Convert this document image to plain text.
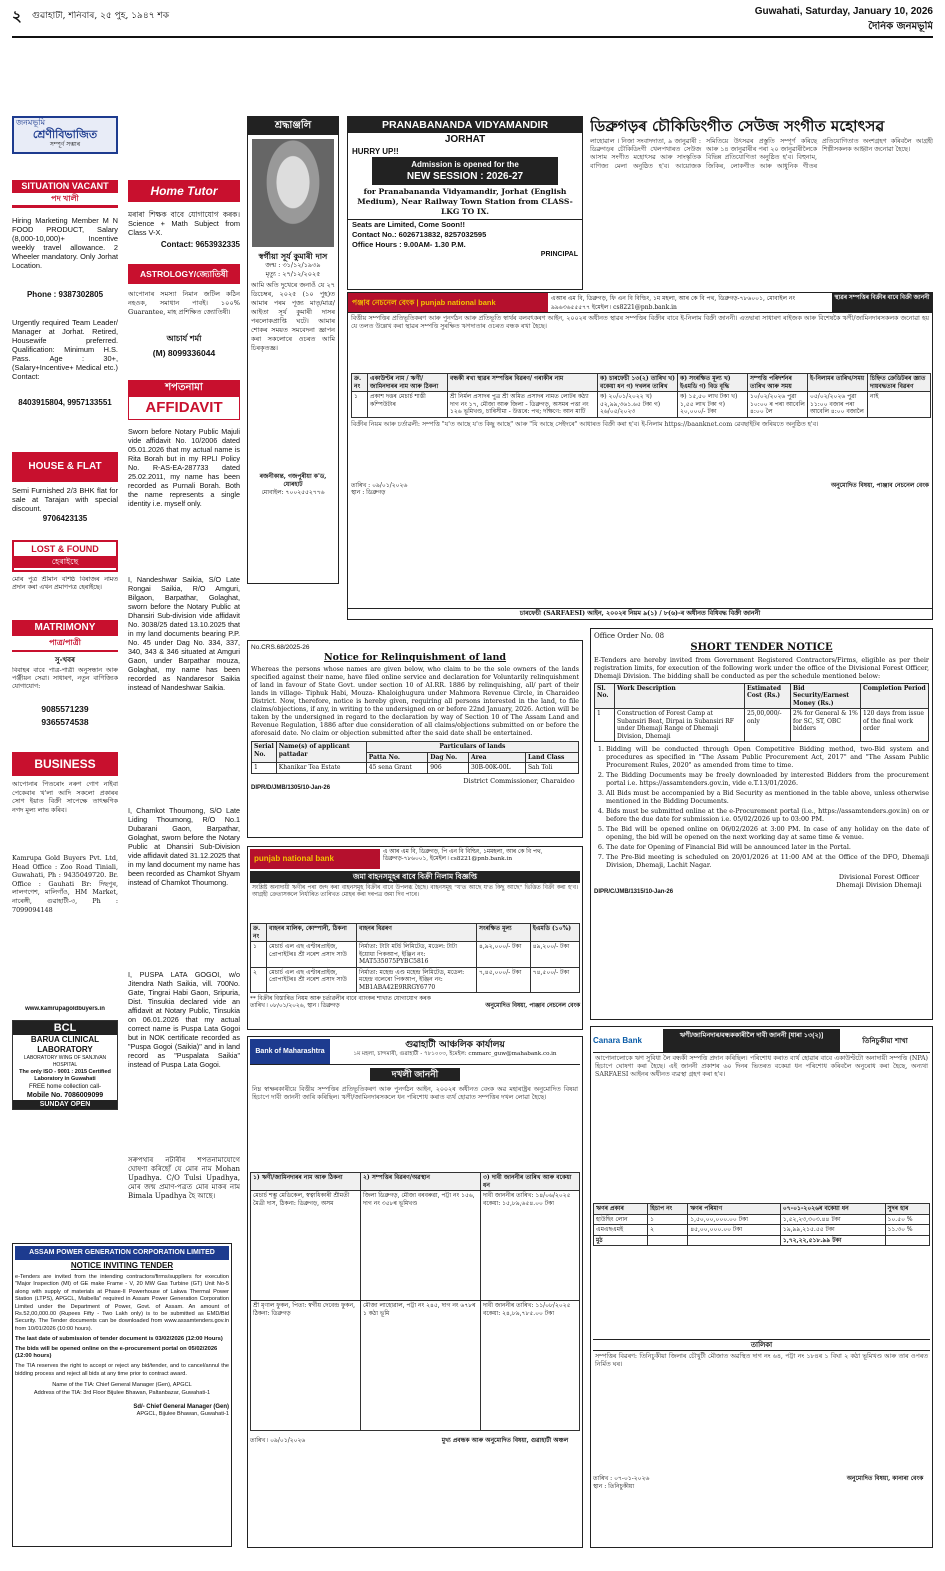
২	গুৱাহাটী, শনিবাৰ, ২৫ পুহ, ১৯৪৭ শক	Guwahati, Saturday, January 10, 2026
দৈনিক জনমভূমি
জনমভূমি
শ্ৰেণীবিভাজিত
সম্পূৰ্ণ সম্ভাৰ
SITUATION VACANT
পদ খালী
Hiring Marketing Member M N FOOD PRODUCT, Salary (8,000-10,000)+ Incentive weekly travel allowance. 2 Wheeler mandatory. Only Jorhat Location.
Phone : 9387302805
Urgently required Team Leader/ Manager at Jorhat. Retired, Housewife preferred. Qualification: Minimum H.S. Pass. Age : 30+, (Salary+Incentive+ Medical etc.) Contact:
8403915804, 9957133551
HOUSE & FLAT
Semi Furnished 2/3 BHK flat for sale at Tarajan with special discount.
9706423135
LOST & FOUND
হেৰাইছে
মোৰ পুত্ৰ শ্ৰীমান বশিষ্ঠ বিৰাজৰ নামত প্ৰদান কৰা এখন প্ৰমাণপত্ৰ হেৰাইছে।
MATRIMONY
পাত্ৰ/পাত্ৰী
সু-খবৰ
বিবাহৰ বাবে পাত্ৰ-পাত্ৰী অনুসন্ধান আৰু পঞ্জীয়ন সেৱা। সাধাৰণ, নতুন বাণিজ্যিক যোগাযোগ:
9085571239
9365574538
BUSINESS
আপোনাৰ পিতৰোং নৰুণ গোণ নাইবা পেকেবাৰ খ'লা আদি সকলো প্ৰকাৰৰ সোণ ইয়াত বিক্ৰী সাপেক্ষে তাৎক্ষণিক নগদ মূল্য লাভ কৰিব।
Kamrupa Gold Buyers Pvt. Ltd, Head Office : Zoo Road Tiniali, Guwahati, Ph : 9435049720. Br. Office : Gauhati Br: দিছপুৰ, লালগণেশ, মালিগাঁও, HM Market, নাৰেঙ্গী, গুৱাহাটী-৩, Ph : 7099094148
www.kamrupagoldbuyers.in
BCL
BARUA CLINICAL LABORATORY
LABORATORY WING OF SANJIVAN HOSPITAL
The only ISO - 9001 : 2015 Certified Laboratory in Guwahati
FREE home collection call-
Mobile No. 7086009099
SUNDAY OPEN
ASSAM POWER GENERATION CORPORATION LIMITED
NOTICE INVITING TENDER
e-Tenders are invited from the intending contractors/firms/suppliers for execution "Major Inspection (MI) of GE make Frame - V, 20 MW Gas Turbine (GT) Unit No-5 along with supply of materials at Phase-II Powerhouse of Lakwa Thermal Power Station (LTPS), APGCL, Maibella" required in Assam Power Generation Corporation Limited under the Department of Power, Govt. of Assam. An amount of Rs.52,00,000.00 (Rupees Fifty - Two Lakh only) is to be submitted as EMD/Bid Security. The Tender documents can be downloaded from www.assamtenders.gov.in from 10/01/2026 (10:00 hours).
The last date of submission of tender document is 03/02/2026 (12:00 Hours)
The bids will be opened online on the e-procurement portal on 05/02/2026 (12:00 hours)
The TIA reserves the right to accept or reject any bid/tender, and to cancel/annul the bidding process and reject all bids at any time prior to contract award.
Name of the TIA: Chief General Manager (Gen), APGCL
Address of the TIA: 3rd Floor Bijulee Bhawan, Paltanbazar, Guwahati-1
Sd/- Chief General Manager (Gen)
APGCL, Bijulee Bhawan, Guwahati-1
Home Tutor
মৰাৰা শিক্ষক বাবে যোগাযোগ কৰক। Science + Math Subject from Class V-X.
Contact: 9653932335
ASTROLOGY/জ্যোতিষী
আপোনাৰ সমস্যা নিমান জটিল কঠিন নহওক, সমাধান পাবই। ১০০% Guarantee, মাহ প্ৰশিক্ষিত জ্যোতিষী।
আচাৰ্য শৰ্মা
(M) 8099336044
শপতনামা
AFFIDAVIT
Sworn before Notary Public Majuli vide affidavit No. 10/2006 dated 05.01.2026 that my actual name is Rita Borah but in my RPLI Policy No. R-AS-EA-287733 dated 25.02.2011, my name has been recorded as Purnali Borah. Both the name represents a single identity i.e. myself only.
I, Nandeshwar Saikia, S/O Late Rongai Saikia, R/O Amguri, Bilgaon, Barpathar, Golaghat, sworn before the Notary Public at Dhansiri Sub-division vide affidavit No. 3038/25 dated 13.10.2025 that in my land documents bearing P.P. No. 45 under Dag No. 334, 337, 340, 343 & 346 situated at Amguri Gaon, under Barpathar mouza, Golaghat, my name has been recorded as Nandaresor Saikia instead of Nandeshwar Saikia.
I, Chamkot Thoumong, S/O Late Liding Thoumong, R/O No.1 Dubarani Gaon, Barpathar, Golaghat, sworn before the Notary Public at Dhansiri Sub-Division vide affidavit dated 31.12.2025 that in my land document my name has been recorded as Chamkot Shyam instead of Chamkot Thoumong.
I, PUSPA LATA GOGOI, w/o Jitendra Nath Saikia, vill. 700No. Gate, Tingrai Habi Gaon, Sripuria, Dist. Tinsukia declared vide an affidavit at Notary Public, Tinsukia on 06.01.2026 that my actual correct name is Puspa Lata Gogoi but in NOK certificate recorded as "Puspa Gogoi (Saikia)" and in land record as "Puspalata Saikia" instead of Puspa Lata Gogoi.
সৰুপথাৰ নটাৰীৰ শপতনামাযোগে ঘোষণা কৰিছোঁ যে মোৰ নাম Mohan Upadhya. C/O Tulsi Upadhya, মোৰ জন্ম প্ৰমাণ-পত্ৰত মোৰ মাকৰ নাম Bimala Upadhya হৈ আছে।
শ্ৰদ্ধাঞ্জলি
স্বৰ্গীয়া সূৰ্য কুমাৰী দাস
জন্ম : ৩১/১২/১৯৩৯
মৃত্যু : ২৭/১২/২০২৫
আমি অতি দুখেৰে জনাওঁ যে ২৭ ডিচেম্বৰ, ২০২৫ (১০ পুহ)ত আমাৰ পৰম পূজ্য মাতৃ/মাত্ৰ/আইতা সূৰ্য কুমাৰী দাসৰ পৰলোকপ্ৰাপ্তি ঘটে। আমাৰ শোকৰ সময়ত সমবেদনা জ্ঞাপন কৰা সকলোৰে ওচৰত আমি চিৰকৃতজ্ঞ।
ৰজনীকান্ত, গজপুৰীয়া ক'ড, যোৰহাট
মোবাইল: ৭০০২৫৫২৭৭৬
PRANABANANDA VIDYAMANDIR
JORHAT
HURRY UP!!
Admission is opened for the
NEW SESSION : 2026-27
for Pranabananda Vidyamandir, Jorhat (English Medium), Near Railway Town Station from CLASS-LKG TO IX.
Seats are Limited, Come Soon!!
Contact No.: 6026713832, 8257032595
Office Hours : 9.00AM- 1.30 P.M.
PRINCIPAL
ডিব্ৰুগড়ৰ চৌকিডিংগীত সেউজ সংগীত মহোৎসৱ
লাহোৱাল । নিজা সংবাদদাতা, ৯ জানুৱাৰী : ডিব্ৰুগড়ৰ চৌকিডিংগী খেলপথাৰত সেউজ আসাম সংগীত মহোৎসৱ আৰু সাংস্কৃতিক বাণিজ্য মেলা অনুষ্ঠিত হ'ব। আয়োজক সমিতিয়ে উৎসৱৰ প্ৰস্তুতি সম্পূৰ্ণ কৰিছে আৰু ১৪ জানুৱাৰীৰ পৰা ২০ জানুৱাৰীলৈকে বিভিন্ন প্ৰতিযোগিতা অনুষ্ঠিত হ'ব। বিহুনাম, জিকিৰ, লোকগীত আৰু আধুনিক গীতৰ প্ৰতিযোগিতাত অংশগ্ৰহণ কৰিবলৈ আগ্ৰহী শিল্পীসকলক আহ্বান জনোৱা হৈছে।
পঞ্জাব নেচনেল বেংক | punjab national bank	এআৰ এম বি, ডিব্ৰুগড়, ফি এন বি বিল্ডিং, ১ম মহলা, আৰ কে বি পথ, ডিব্ৰুগড়-৭৮৬০০১, মোবাইল নং ৯৯৬৩৬৫৫৫৭৭ ইমেইল ৷ cs8221@pnb.bank.in
স্থাৱৰ সম্পত্তিৰ বিক্ৰীৰ বাবে বিক্ৰী জাননী
বিত্তীয় সম্পত্তিৰ প্ৰতিভূতিকৰণ আৰু পুনৰ্গঠন আৰু প্ৰতিভূতি স্বাৰ্থৰ বলবৎকৰণ আইন, ২০০২ৰ অধীনত স্থাৱৰ সম্পত্তিৰ বিক্ৰীৰ বাবে ই-নিলাম বিক্ৰী জাননী। এতদ্বাৰা সাধাৰণ ৰাইজক আৰু বিশেষকৈ ঋণী/জামিনদাৰসকলক জনোৱা হয় যে তলত উল্লেখ কৰা স্থাৱৰ সম্পত্তি সুৰক্ষিত ঋণদাতাৰ ওচৰত বন্ধক ৰখা হৈছে।
ক্ৰ. নং	একাউণ্টৰ নাম / ঋণী/জামিনদাৰৰ নাম আৰু ঠিকনা	বন্ধকী ৰখা স্থাৱৰ সম্পত্তিৰ বিৱৰণ/ গৰাকীৰ নাম	ক) চাৰফেচী ১৩(২) তাৰিখ খ) বকেয়া ধন গ) দখলৰ তাৰিখ	ক) সংৰক্ষিত মূল্য খ) ইএমডি গ) বিড বৃদ্ধি	সম্পত্তি পৰিদৰ্শনৰ তাৰিখ আৰু সময়	ই-নিলামৰ তাৰিখ/সময়	চিহ্নিত ক্ৰেডিটৰৰ জ্ঞাত দায়বদ্ধতাৰ বিৱৰণ
১	প্ৰকাশ দত্তৰ মেচাৰ্চ শাস্তী কম্পিউটাৰ	শ্ৰী নিৰ্মল প্ৰসাদৰ পুত্ৰ শ্ৰী অমিত প্ৰসাদৰ নামত লোটৰ কঠ্যা দাগ নং ১৭, মৌজা আৰু জিলা - ডিব্ৰুগড়, অসমৰ পত্তা নং ১২৬ ভূমিখণ্ড, চাৰিসীমা - উত্তৰে: পথ; দক্ষিণে: আন মাটি	ক) ২০/০১/২০২২ খ) ৫২,৯৯,৩৬১.৬৫ টকা গ) ২৬/০৫/২০২৩	ক) ১৫,৫০ লাখ টকা খ) ১,৫৫ লাখ টকা গ) ২০,০০০/- টকা	১০/০২/২০২৬ পুৱা ১০:০০ ৰ পৰা আবেলি ৪:০০ লৈ	০৫/০২/২০২৬ পুৱা ১১:০০ বজাৰ পৰা আবেলি ৪:০০ বজালৈ	নাই
বিক্ৰীৰ নিয়ম আৰু চৰ্তাৱলী: সম্পত্তি "য'ত আছে য'ত কিছু আছে" আৰু "যি আছে সেইদৰে" আধাৰত বিক্ৰী কৰা হ'ব। ই-নিলাম https://baanknet.com ৱেবছাইটৰ জৰিয়তে অনুষ্ঠিত হ'ব।
তাৰিখ : ০৯/০১/২০২৬
স্থান : ডিব্ৰুগড়
অনুমোদিত বিষয়া, পাঞ্জাব নেচনেল বেংক
চাৰফেচী (SARFAESI) আইন, ২০০২ৰ নিয়ম ৯(১) / ৮(৬)-ৰ অধীনত বিধিবদ্ধ বিক্ৰী জাননী
No.CRS.68/2025-26
Notice for Relinquishment of land
Whereas the persons whose names are given below, who claim to be the sole owners of the lands specified against their name, have filed online service and declaration for Voluntarily relinquishment of land in favour of State Govt. under section 10 of AI.RR. 1886 by relinquishing, all/ part of their lands in village- Tiphuk Habi, Mouza- Khaloighugura under Mahmora Revenue Circle, in Charaideo District. Now, therefore, notice is hereby given, requiring all persons interested in the land, to file claims/objections, if any, in writing to the undersigned on or before 22nd January, 2026. Action will be taken by the undersigned in regard to the declaration by way of Section 10 of The Assam Land and Revenue Regulation, 1886 after due consideration of all claims/objections submitted on or before the aforesaid date. No claim or objection submitted after the said date shall be entertained.
Serial No.	Name(s) of applicant pattadar	Particulars of lands			
		Patta No.	Dag No.	Area	Land Class
1	Khanikar Tea Estate	45 sena Grant	906	30B-00K-00L	Sah Toli
District Commissioner, Charaideo
DIPR/D/JMB/1305/10-Jan-26
punjab national bank
এ আৰ এম বি, ডিব্ৰুগড়, পি এন বি বিল্ডিং, ১মমহলা, আৰ কে বি পথ, ডিব্ৰুগড়-৭৮৬০০১, ইমেইল ৷ cs8221@pnb.bank.in
জমা বাহনসমূহৰ বাবে বিক্ৰী নিলাম বিজ্ঞপ্তি
সংশ্লিষ্ট অনাদায়ী ঋণীৰ পৰা জব্দ কৰা বাহনসমূহ বিক্ৰীৰ বাবে উপলব্ধ হৈছে। বাহনসমূহ "য'ত আছে য'ত কিছু আছে" ভিত্তিত বিক্ৰী কৰা হ'ব। আগ্ৰহী ক্ৰেতাসকলে নিৰ্ধাৰিত তাৰিখত মোহৰ কৰা দৰপত্ৰ জমা দিব পাৰে।
ক্ৰ. নং	বাহনৰ মালিক, কোম্পানী, ঠিকনা	বাহনৰ বিৱৰণ	সংৰক্ষিত মূল্য	ইএমডি (১০%)
১	মেচাৰ্চ এল এছ এণ্টাৰপ্ৰাইজ, প্ৰোপাইটৰঃ শ্ৰী নৰেশ প্ৰসাদ সাউ	নিৰ্মাতা: টাটা মটৰ্চ লিমিটেড, মডেল: টাটা ইয়োধা পিকআপ, ইঞ্জিন নং: MAT535075PYBC5816	৪,৯২,০০০/- টকা	৪৯,২০০/- টকা
২	মেচাৰ্চ এল এছ এণ্টাৰপ্ৰাইজ, প্ৰোপাইটৰঃ শ্ৰী নৰেশ প্ৰসাদ সাউ	নিৰ্মাতা: মহেন্দ্ৰ এণ্ড মহেন্দ্ৰ লিমিটেড, মডেল: মহেন্দ্ৰ বলেৰো পিকআপ, ইঞ্জিন নং: MB1ABA42E9RRGY6770	৭,৪৫,০০০/- টকা	৭৪,৫০০/- টকা
** বিক্ৰীৰ বিস্তাৰিত নিয়ম আৰু চৰ্তাৱলীৰ বাবে ব্যাংকৰ শাখাত যোগাযোগ কৰক
তাৰিখ ৷ ০৮/০১/২০২৬, স্থান ৷ ডিব্ৰুগড়	অনুমোদিত বিষয়া, পাঞ্জাব নেচনেল বেংক
Bank of Maharashtra
গুৱাহাটী আঞ্চলিক কাৰ্যালয়
১ম মহলা, চান্দমাৰী, গুৱাহাটী - ৭৮১০০৩, ইমেইল: cmmarc_guw@mahabank.co.in
দখলী জাননী
নিম্ন স্বাক্ষৰকাৰীয়ে বিত্তীয় সম্পত্তিৰ প্ৰতিভূতিকৰণ আৰু পুনৰ্গঠন আইন, ২০০২ৰ অধীনত বেংক অৱ মহাৰাষ্ট্ৰৰ অনুমোদিত বিষয়া হিচাপে দাবী জাননী জাৰি কৰিছিল। ঋণী/জামিনদাৰসকলে ধন পৰিশোধ কৰাত ব্যৰ্থ হোৱাত সম্পত্তিৰ দখল লোৱা হৈছে।
১) ঋণী/জামিনদাৰৰ নাম আৰু ঠিকনা	২) সম্পত্তিৰ বিৱৰণ/অৱস্থান	৩) দাবী জাননীৰ তাৰিখ আৰু বকেয়া ধন
মেচাৰ্চ শম্ভু মেডিকেল, স্বত্বাধিকাৰী শ্ৰীমতী মৈত্ৰী দাস, ঠিকনা: ডিব্ৰুগড়, অসম	জিলা ডিব্ৰুগড়, মৌজা বৰবৰুৱা, পট্টা নং ১৫৬, দাগ নং ৩৫৮ৰ ভূমিখণ্ড	দাবী জাননীৰ তাৰিখ: ১৪/০৬/২০২৫ বকেয়া: ১৫,৮৯,৬৫৪.০০ টকা
শ্ৰী মৃণাল ফুকন, পিতা: স্বৰ্গীয় দেবেন্দ্ৰ ফুকন, ঠিকনা: ডিব্ৰুগড়	মৌজা লাহোৱাল, পট্টা নং ২৪৫, দাগ নং ৬৭৮ৰ ১ কঠা ভূমি	দাবী জাননীৰ তাৰিখ: ১১/০৮/২০২৫ বকেয়া: ২৪,৮৯,৭৮৫.০০ টকা
তাৰিখ ৷ ০৯/০১/২০২৬	মুখ্য প্ৰবন্ধক আৰু অনুমোদিত বিষয়া, গুৱাহাটী অঞ্চল
Office Order No. 08
SHORT TENDER NOTICE
E-Tenders are hereby invited from Government Registered Contractors/Firms, eligible as per their registration limits, for execution of the following work under the office of the Divisional Forest Officer, Dhemaji Division. The bidding shall be conducted as per the schedule mentioned below:
Sl. No.	Work Description	Estimated Cost (Rs.)	Bid Security/Earnest Money (Rs.)	Completion Period
1	Construction of Forest Camp at Subansiri Beat, Dirpai in Subansiri RF under Dhemaji Range of Dhemaji Division, Dhemaji	25,00,000/- only	2% for General & 1% for SC, ST, OBC bidders	120 days from issue of the final work order
1. Bidding will be conducted through Open Competitive Bidding method, two-Bid system and procedures as specified in "The Assam Public Procurement Act, 2017" and "The Assam Public Procurement Rules, 2020" as amended from time to time.
2. The Bidding Documents may be freely downloaded by interested Bidders from the procurement portal i.e. https://assamtenders.gov.in, vide e.T.13/01/2026.
3. All Bids must be accompanied by a Bid Security as mentioned in the table above, unless otherwise mentioned in the Bidding Documents.
4. Bids must be submitted online at the e-Procurement portal (i.e., https://assamtenders.gov.in) on or before the due date for submission i.e. 05/02/2026 up to 03:00 PM.
5. The Bid will be opened online on 06/02/2026 at 3:00 PM. In case of any holiday on the date of opening, the bid will be opened on the next working day at same time & venue.
6. The date for Opening of Financial Bid will be announced later in the Portal.
7. The Pre-Bid meeting is scheduled on 20/01/2026 at 11:00 AM at the Office of the DFO, Dhemaji Division, Dhemaji, Lachit Nagar.
Divisional Forest Officer Dhemaji Division Dhemaji
DIPR/C/JMB/1315/10-Jan-26
Canara Bank
ঋণী/জামিনদাৰ/বন্ধককাৰীলৈ দাবী জাননী [ধাৰা ১৩(২)]
তিনিচুকীয়া শাখা
আপোনালোকে ঋণ সুবিধা লৈ বন্ধকী সম্পত্তি প্ৰদান কৰিছিল। পৰিশোধ কৰাত ব্যৰ্থ হোৱাৰ বাবে একাউণ্টটো অনাদায়ী সম্পত্তি (NPA) হিচাপে ঘোষণা কৰা হৈছে। এই জাননী প্ৰকাশৰ ৬০ দিনৰ ভিতৰত বকেয়া ধন পৰিশোধ কৰিবলৈ অনুৰোধ কৰা হৈছে, অন্যথা SARFAESI আইনৰ অধীনত ব্যৱস্থা গ্ৰহণ কৰা হ'ব।
ঋণৰ প্ৰকাৰ	হিচাপ নং	ঋণৰ পৰিমাণ	০৭-০১-২০২৬ৰ বকেয়া ধন	সুদৰ হাৰ
হাউছিং লোন	১	১,৫০,০০,০০০.০০ টকা	১,৫২,২৩,৩০৩.৪৪ টকা	১০.৫০ %
এমএছএমই	২	৪৫,০০,০০০.০০ টকা	১৯,৯৯,২১৫.৫৫ টকা	১১.৩০ %
মুঠ			১,৭২,২২,৫১৮.৯৯ টকা	
তালিকা
সম্পত্তিৰ বিৱৰণ: তিনিচুকীয়া জিলাৰ চৌখুটী মৌজাত অৱস্থিত দাগ নং ৬৪, পট্টা নং ১৮৪ৰ ১ বিঘা ২ কঠা ভূমিখণ্ড আৰু তাৰ ওপৰত নিৰ্মিত ঘৰ।
তাৰিখ : ০৭-০১-২০২৬
স্থান : তিনিচুকীয়া
অনুমোদিত বিষয়া, কানাৰা বেংক
